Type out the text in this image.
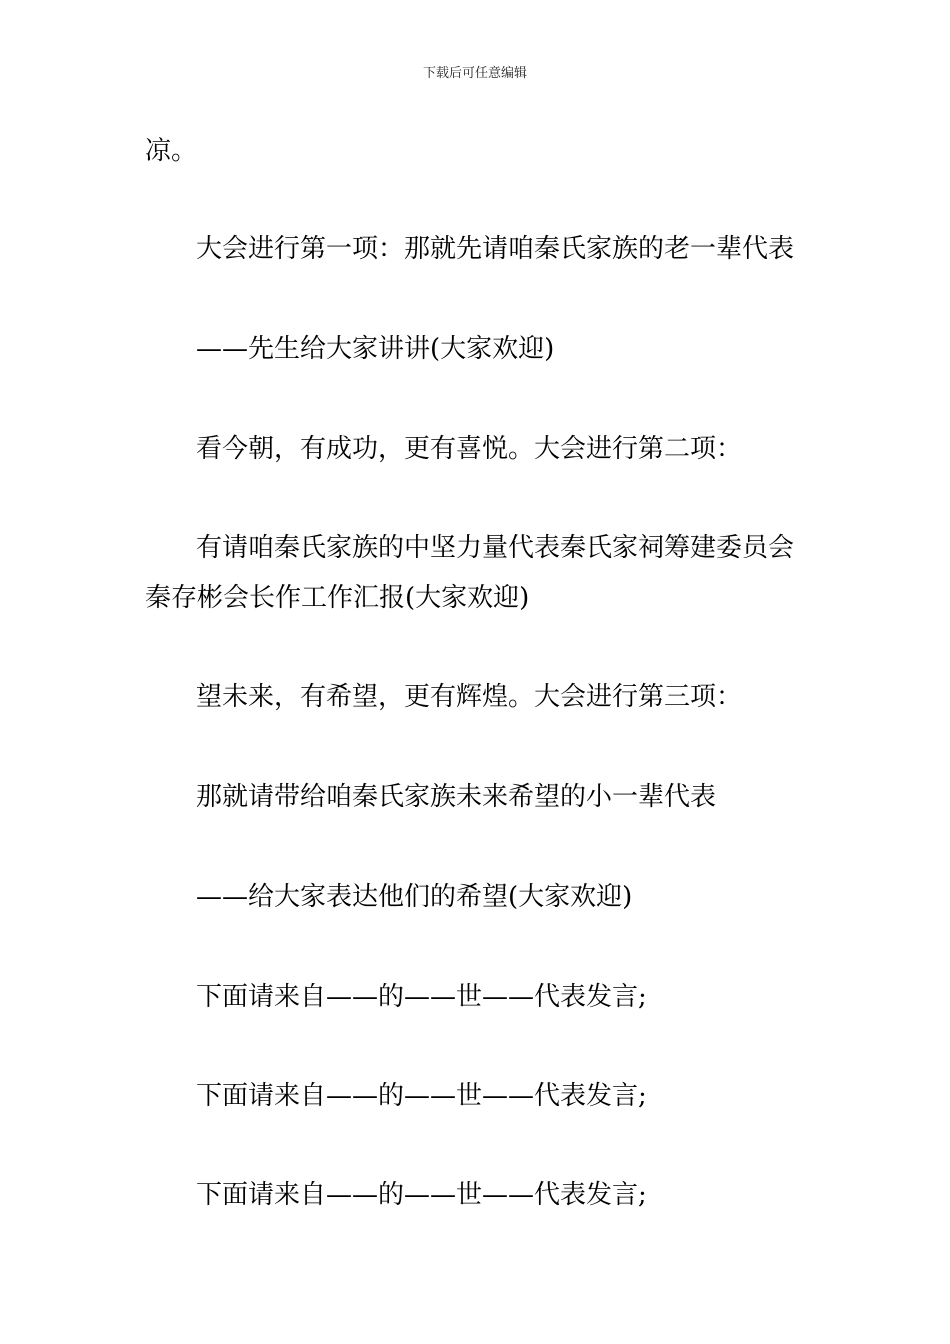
下载后可任意编辑
凉。
大会进行第一项：那就先请咱秦氏家族的老一辈代表
——先生给大家讲讲(大家欢迎)
看今朝，有成功，更有喜悦。大会进行第二项：
有请咱秦氏家族的中坚力量代表秦氏家祠筹建委员会
秦存彬会长作工作汇报(大家欢迎)
望未来，有希望，更有辉煌。大会进行第三项：
那就请带给咱秦氏家族未来希望的小一辈代表
——给大家表达他们的希望(大家欢迎)
下面请来自——的——世——代表发言;
下面请来自——的——世——代表发言;
下面请来自——的——世——代表发言;
